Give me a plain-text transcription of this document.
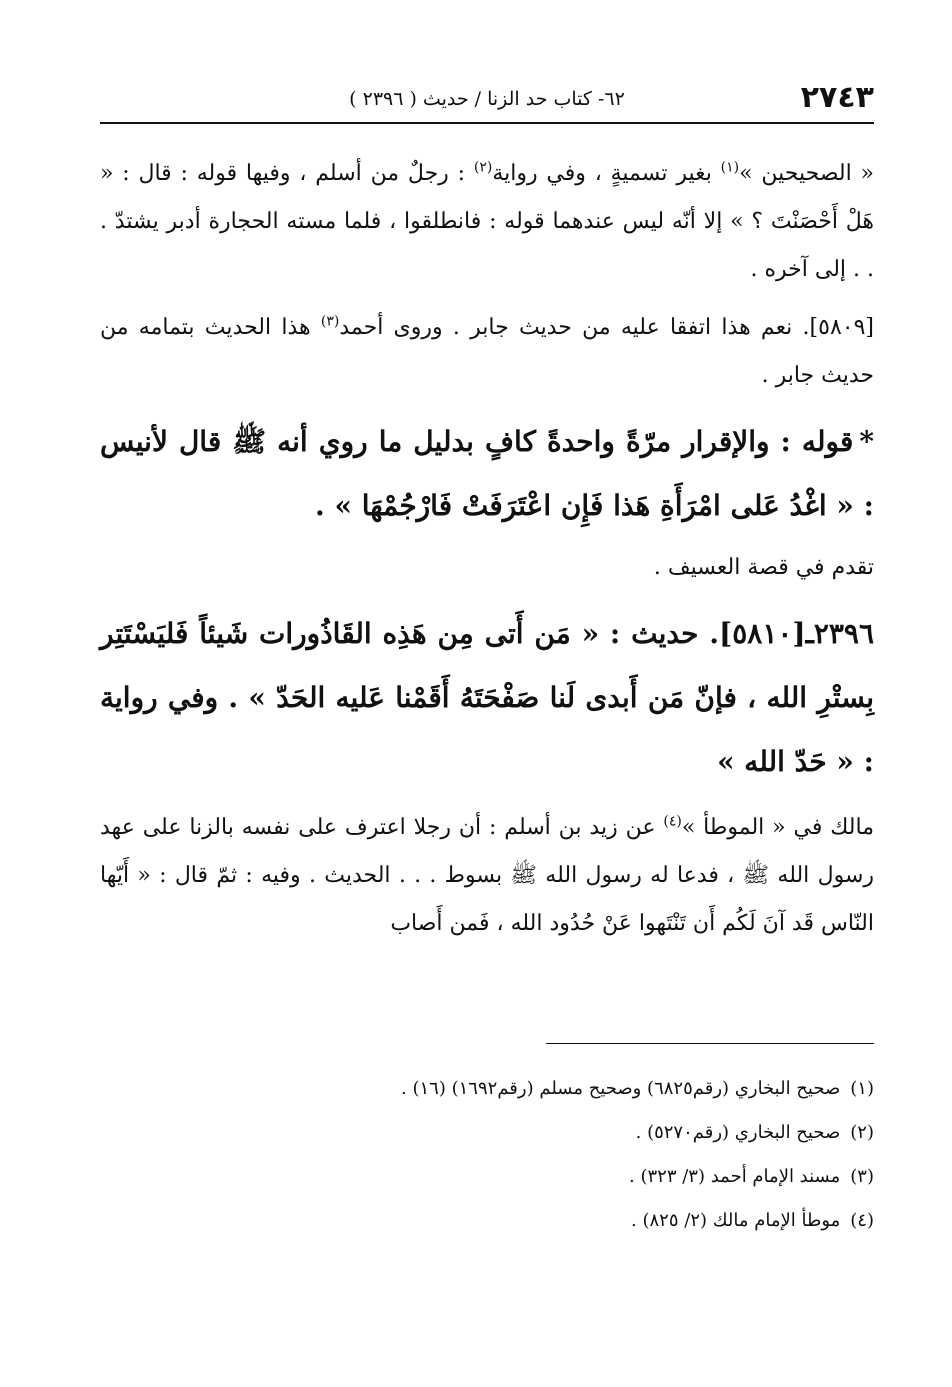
٢٧٤٣
٦٢- كتاب حد الزنا / حديث ( ٢٣٩٦ )

« الصحيحين »$^{(١)}$ بغير تسميةٍ ، وفي رواية$^{(٢)}$ : رجلٌ من أسلم ، وفيها قوله : قال : « هَلْ أَحْصَنْتَ ؟ » إلا أنّه ليس عندهما قوله : فانطلقوا ، فلما مسته الحجارة أدبر يشتدّ . . . إلى آخره .

[٥٨٠٩]. نعم هذا اتفقا عليه من حديث جابر . وروى أحمد$^{(٣)}$ هذا الحديث بتمامه من حديث جابر .

*قوله : والإقرار مرّةً واحدةً كافٍ بدليل ما روي أنه ﷺ قال لأنيس : « اغْدُ عَلى امْرَأَةِ هَذا فَإِن اعْتَرَفَتْ فَارْجُمْهَا » .

تقدم في قصة العسيف .

٢٣٩٦ـ[٥٨١٠]. حديث : « مَن أَتى مِن هَذِه القَاذُورات شَيئاً فَليَسْتَتِر بِستْرِ الله ، فإنّ مَن أَبدى لَنا صَفْحَتَهُ أَقَمْنا عَليه الحَدّ » . وفي رواية : « حَدّ الله »

مالك في « الموطأ »$^{(٤)}$ عن زيد بن أسلم : أن رجلا اعترف على نفسه بالزنا على عهد رسول الله ﷺ ، فدعا له رسول الله ﷺ بسوط . . . الحديث . وفيه : ثمّ قال : « أَيّها النّاس قَد آنَ لَكُم أَن تَنْتَهوا عَنْ حُدُود الله ، فَمن أَصاب

(١)صحيح البخاري (رقم٦٨٢٥) وصحيح مسلم (رقم١٦٩٢) (١٦) .

(٢)صحيح البخاري (رقم٥٢٧٠) .

(٣)مسند الإمام أحمد (٣/ ٣٢٣) .

(٤)موطأ الإمام مالك (٢/ ٨٢٥) .
